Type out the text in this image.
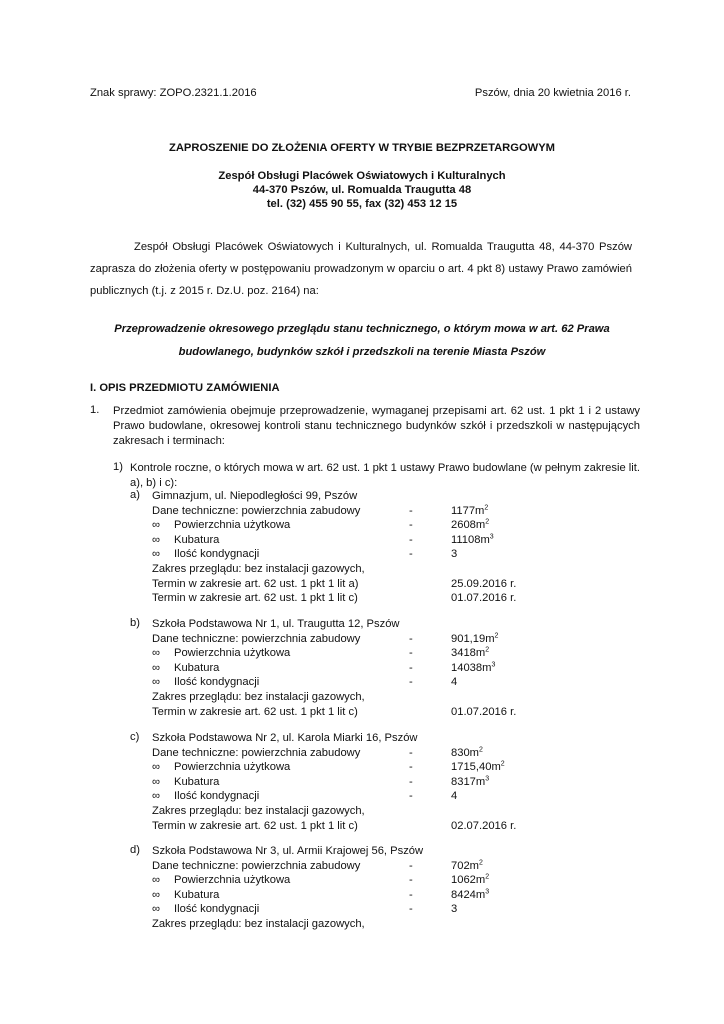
Znak sprawy: ZOPO.2321.1.2016	Pszów, dnia 20 kwietnia 2016 r.
ZAPROSZENIE DO ZŁOŻENIA OFERTY W TRYBIE BEZPRZETARGOWYM
Zespół Obsługi Placówek Oświatowych i Kulturalnych
44-370 Pszów, ul. Romualda Traugutta 48
tel. (32) 455 90 55, fax (32) 453 12 15
Zespół Obsługi Placówek Oświatowych i Kulturalnych, ul. Romualda Traugutta 48, 44-370 Pszów zaprasza do złożenia oferty w postępowaniu prowadzonym w oparciu o art. 4 pkt 8) ustawy Prawo zamówień publicznych (t.j. z 2015 r. Dz.U. poz. 2164) na:
Przeprowadzenie okresowego przeglądu stanu technicznego, o którym mowa w art. 62 Prawa
budowlanego, budynków szkół i przedszkoli na terenie Miasta Pszów
I. OPIS PRZEDMIOTU ZAMÓWIENIA
1. Przedmiot zamówienia obejmuje przeprowadzenie, wymaganej przepisami art. 62 ust. 1 pkt 1 i 2 ustawy Prawo budowlane, okresowej kontroli stanu technicznego budynków szkół i przedszkoli w następujących zakresach i terminach:
1) Kontrole roczne, o których mowa w art. 62 ust. 1 pkt 1 ustawy Prawo budowlane (w pełnym zakresie lit. a), b) i c):
a) Gimnazjum, ul. Niepodległości 99, Pszów
Dane techniczne: powierzchnia zabudowy	-	$1177m^2$
∞ Powierzchnia użytkowa	-	$2608m^2$
∞ Kubatura	-	$11108m^3$
∞ Ilość kondygnacji	-	3
Zakres przeglądu: bez instalacji gazowych,
Termin w zakresie art. 62 ust. 1 pkt 1 lit a)	25.09.2016 r.
Termin w zakresie art. 62 ust. 1 pkt 1 lit c)	01.07.2016 r.
b) Szkoła Podstawowa Nr 1, ul. Traugutta 12, Pszów
Dane techniczne: powierzchnia zabudowy	-	$901,19m^2$
∞ Powierzchnia użytkowa	-	$3418m^2$
∞ Kubatura	-	$14038m^3$
∞ Ilość kondygnacji	-	4
Zakres przeglądu: bez instalacji gazowych,
Termin w zakresie art. 62 ust. 1 pkt 1 lit c)	01.07.2016 r.
c) Szkoła Podstawowa Nr 2, ul. Karola Miarki 16, Pszów
Dane techniczne: powierzchnia zabudowy	-	$830m^2$
∞ Powierzchnia użytkowa	-	$1715,40m^2$
∞ Kubatura	-	$8317m^3$
∞ Ilość kondygnacji	-	4
Zakres przeglądu: bez instalacji gazowych,
Termin w zakresie art. 62 ust. 1 pkt 1 lit c)	02.07.2016 r.
d) Szkoła Podstawowa Nr 3, ul. Armii Krajowej 56, Pszów
Dane techniczne: powierzchnia zabudowy	-	$702m^2$
∞ Powierzchnia użytkowa	-	$1062m^2$
∞ Kubatura	-	$8424m^3$
∞ Ilość kondygnacji	-	3
Zakres przeglądu: bez instalacji gazowych,
